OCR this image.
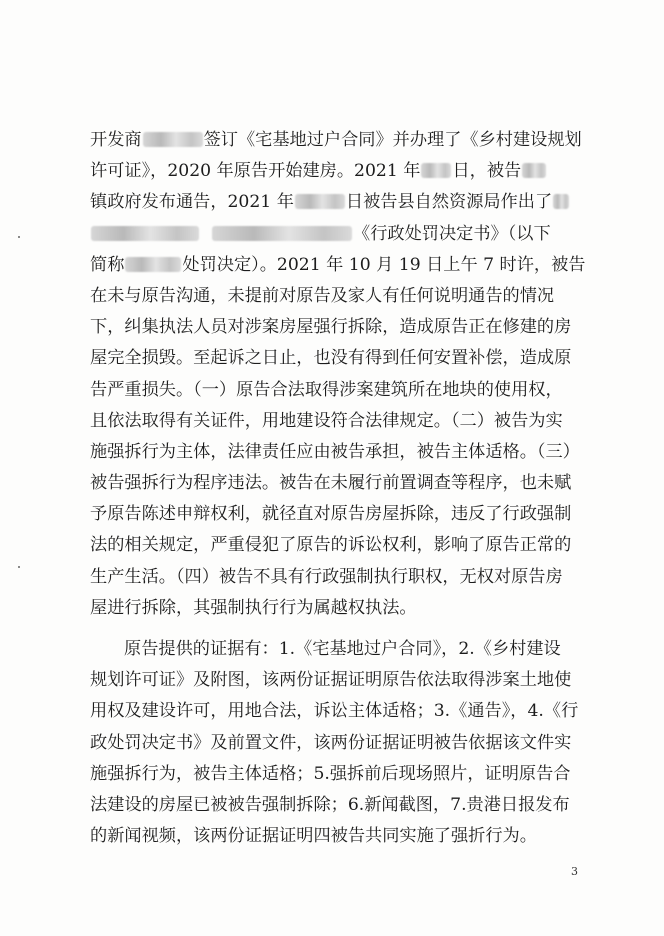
开发商	签订《宅基地过户合同》并办理了《乡村建设规划
许可证》，2020 年原告开始建房。2021 年 日，被告
镇政府发布通告，2021 年	日被告县自然资源局作出了
《行政处罚决定书》（以下
简称	处罚决定）。2021 年 10 月 19 日上午 7 时许，被告
在未与原告沟通，未提前对原告及家人有任何说明通告的情况
下，纠集执法人员对涉案房屋强行拆除，造成原告正在修建的房
屋完全损毁。至起诉之日止，也没有得到任何安置补偿，造成原
告严重损失。（一）原告合法取得涉案建筑所在地块的使用权，
且依法取得有关证件，用地建设符合法律规定。（二）被告为实
施强拆行为主体，法律责任应由被告承担，被告主体适格。（三）
被告强拆行为程序违法。被告在未履行前置调查等程序，也未赋
予原告陈述申辩权利，就径直对原告房屋拆除，违反了行政强制
法的相关规定，严重侵犯了原告的诉讼权利，影响了原告正常的
生产生活。（四）被告不具有行政强制执行职权，无权对原告房
屋进行拆除，其强制执行行为属越权执法。
原告提供的证据有：1.《宅基地过户合同》，2.《乡村建设
规划许可证》及附图，该两份证据证明原告依法取得涉案土地使
用权及建设许可，用地合法，诉讼主体适格；3.《通告》，4.《行
政处罚决定书》及前置文件，该两份证据证明被告依据该文件实
施强拆行为，被告主体适格；5.强拆前后现场照片，证明原告合
法建设的房屋已被被告强制拆除；6.新闻截图，7.贵港日报发布
的新闻视频，该两份证据证明四被告共同实施了强折行为。
3
